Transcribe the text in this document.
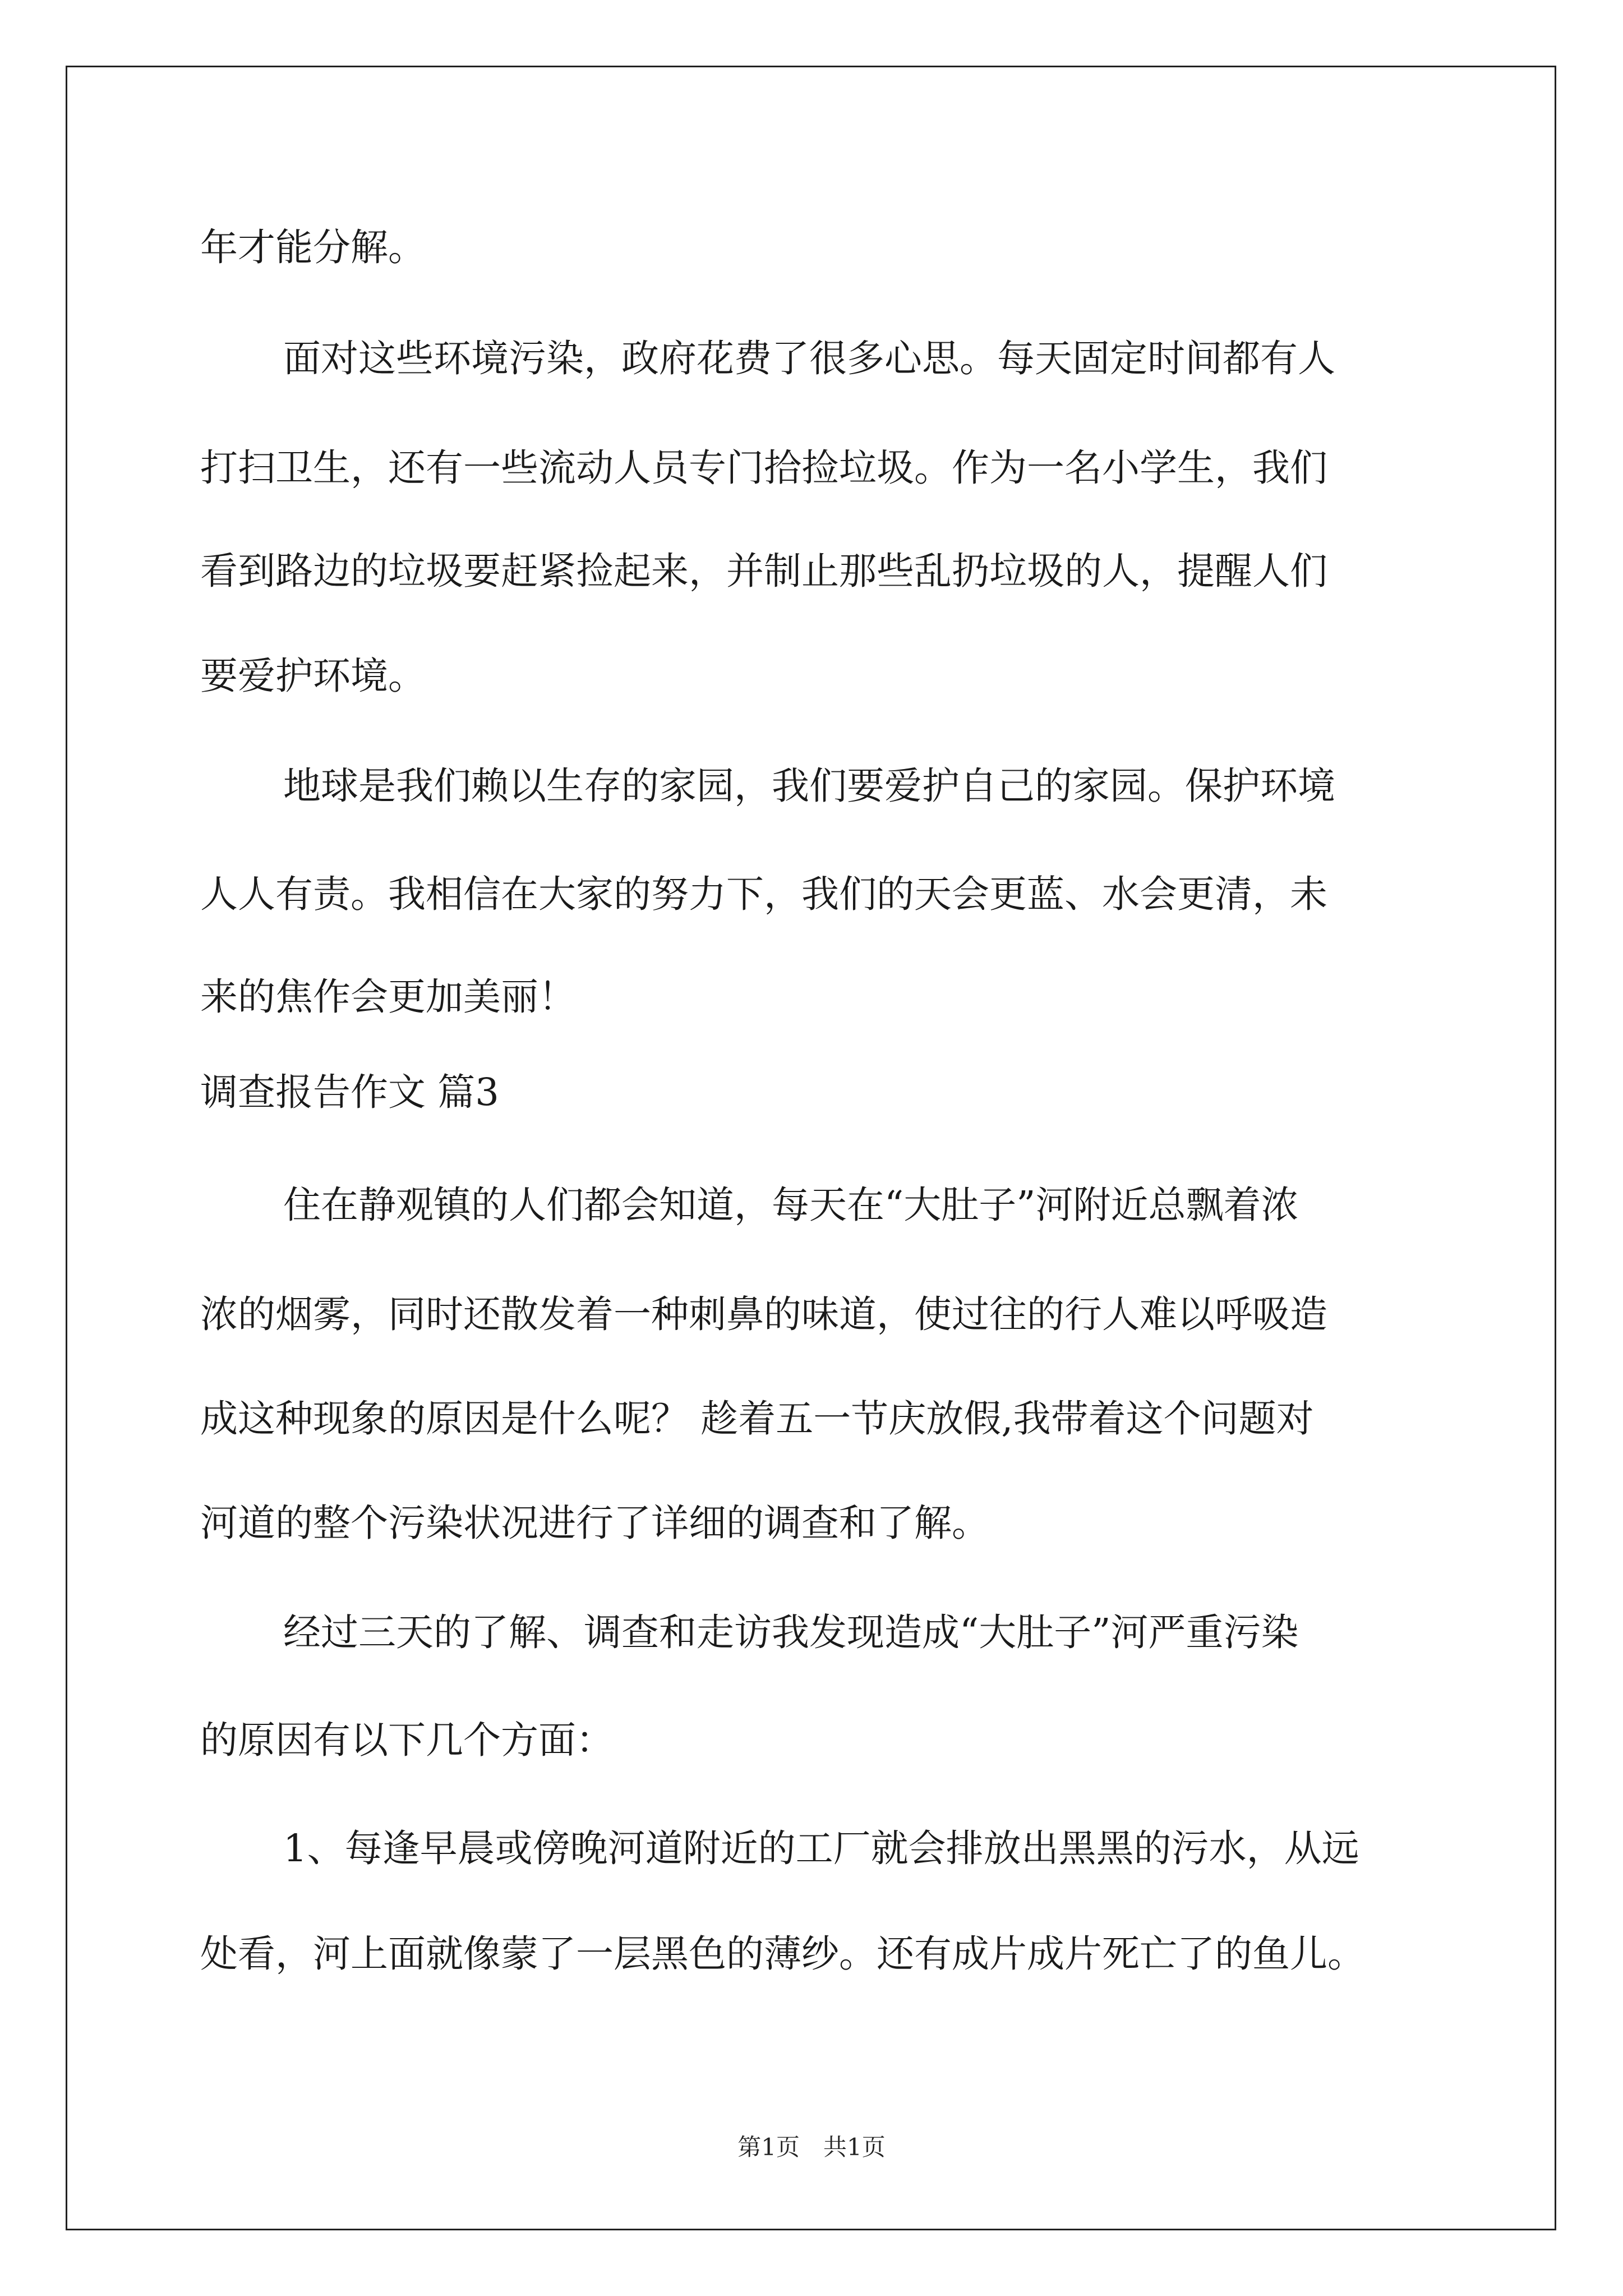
年才能分解。
面对这些环境污染，政府花费了很多心思。每天固定时间都有人
打扫卫生，还有一些流动人员专门拾捡垃圾。作为一名小学生，我们
看到路边的垃圾要赶紧捡起来，并制止那些乱扔垃圾的人，提醒人们
要爱护环境。
地球是我们赖以生存的家园，我们要爱护自己的家园。保护环境
人人有责。我相信在大家的努力下，我们的天会更蓝、水会更清，未
来的焦作会更加美丽！
调查报告作文 篇3
住在静观镇的人们都会知道，每天在“大肚子”河附近总飘着浓
浓的烟雾，同时还散发着一种刺鼻的味道，使过往的行人难以呼吸造
成这种现象的原因是什么呢？ 趁着五一节庆放假,我带着这个问题对
河道的整个污染状况进行了详细的调查和了解。
经过三天的了解、调查和走访我发现造成“大肚子”河严重污染
的原因有以下几个方面：
1、每逢早晨或傍晚河道附近的工厂就会排放出黑黑的污水，从远
处看，河上面就像蒙了一层黑色的薄纱。还有成片成片死亡了的鱼儿。
第1页　共1页
